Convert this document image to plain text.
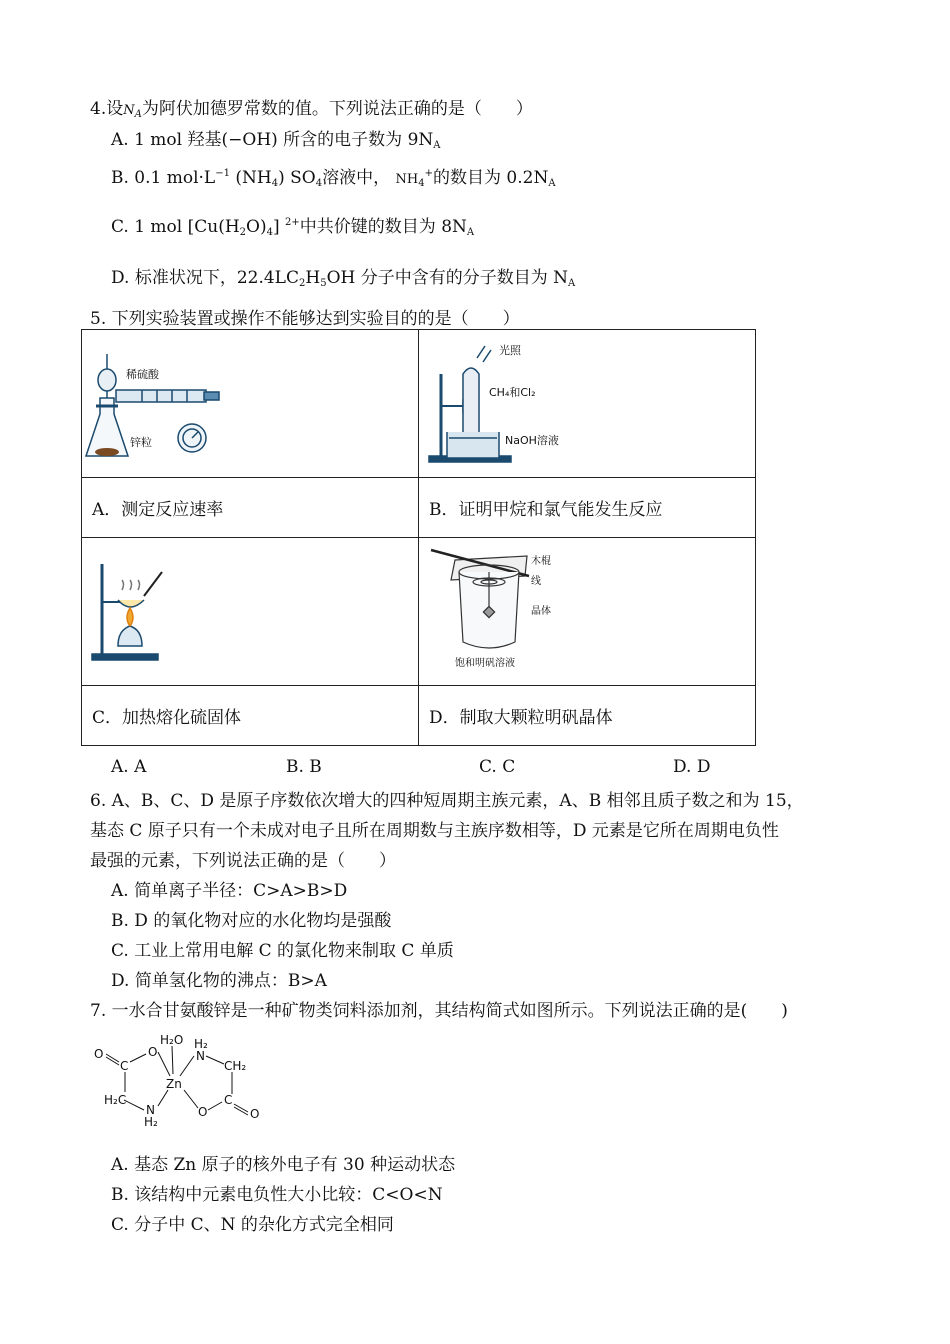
4.设$N_A$为阿伏加德罗常数的值。下列说法正确的是（　　）
A. 1 mol 羟基(−OH) 所含的电子数为 $9N_A$
B. 0.1 $mol\cdot L^{-1}$ $(NH_4)$ $SO_4$溶液中， $NH_4^+$的数目为 $0.2N_A$
C. 1 mol $[Cu(H_2O)_4]$ $^{2+}$中共价键的数目为 $8N_A$
D. 标准状况下，$22.4LC_2H_5OH$ 分子中含有的分子数目为 $N_A$
5. 下列实验装置或操作不能够达到实验目的的是（　　）
稀硫酸
锌粒	光照
CH₄和Cl₂
NaOH溶液

A．测定反应速率	B．证明甲烷和氯气能发生反应

木棍
线
晶体
饱和明矾溶液

C．加热熔化硫固体	D．制取大颗粒明矾晶体
A. A	B. B	C. C	D. D
6. A、B、C、D 是原子序数依次增大的四种短周期主族元素，A、B 相邻且质子数之和为 15，
基态 C 原子只有一个未成对电子且所在周期数与主族序数相等，D 元素是它所在周期电负性
最强的元素，下列说法正确的是（　　）
A. 简单离子半径：C>A>B>D
B. D 的氧化物对应的水化物均是强酸
C. 工业上常用电解 C 的氯化物来制取 C 单质
D. 简单氢化物的沸点：B>A
7. 一水合甘氨酸锌是一种矿物类饲料添加剂，其结构简式如图所示。下列说法正确的是(　　)
H₂O
O
H₂
N
O
C
Zn
CH₂
H₂C
N
H₂
O
C
O
A. 基态 Zn 原子的核外电子有 30 种运动状态
B. 该结构中元素电负性大小比较：C<O<N
C. 分子中 C、N 的杂化方式完全相同
